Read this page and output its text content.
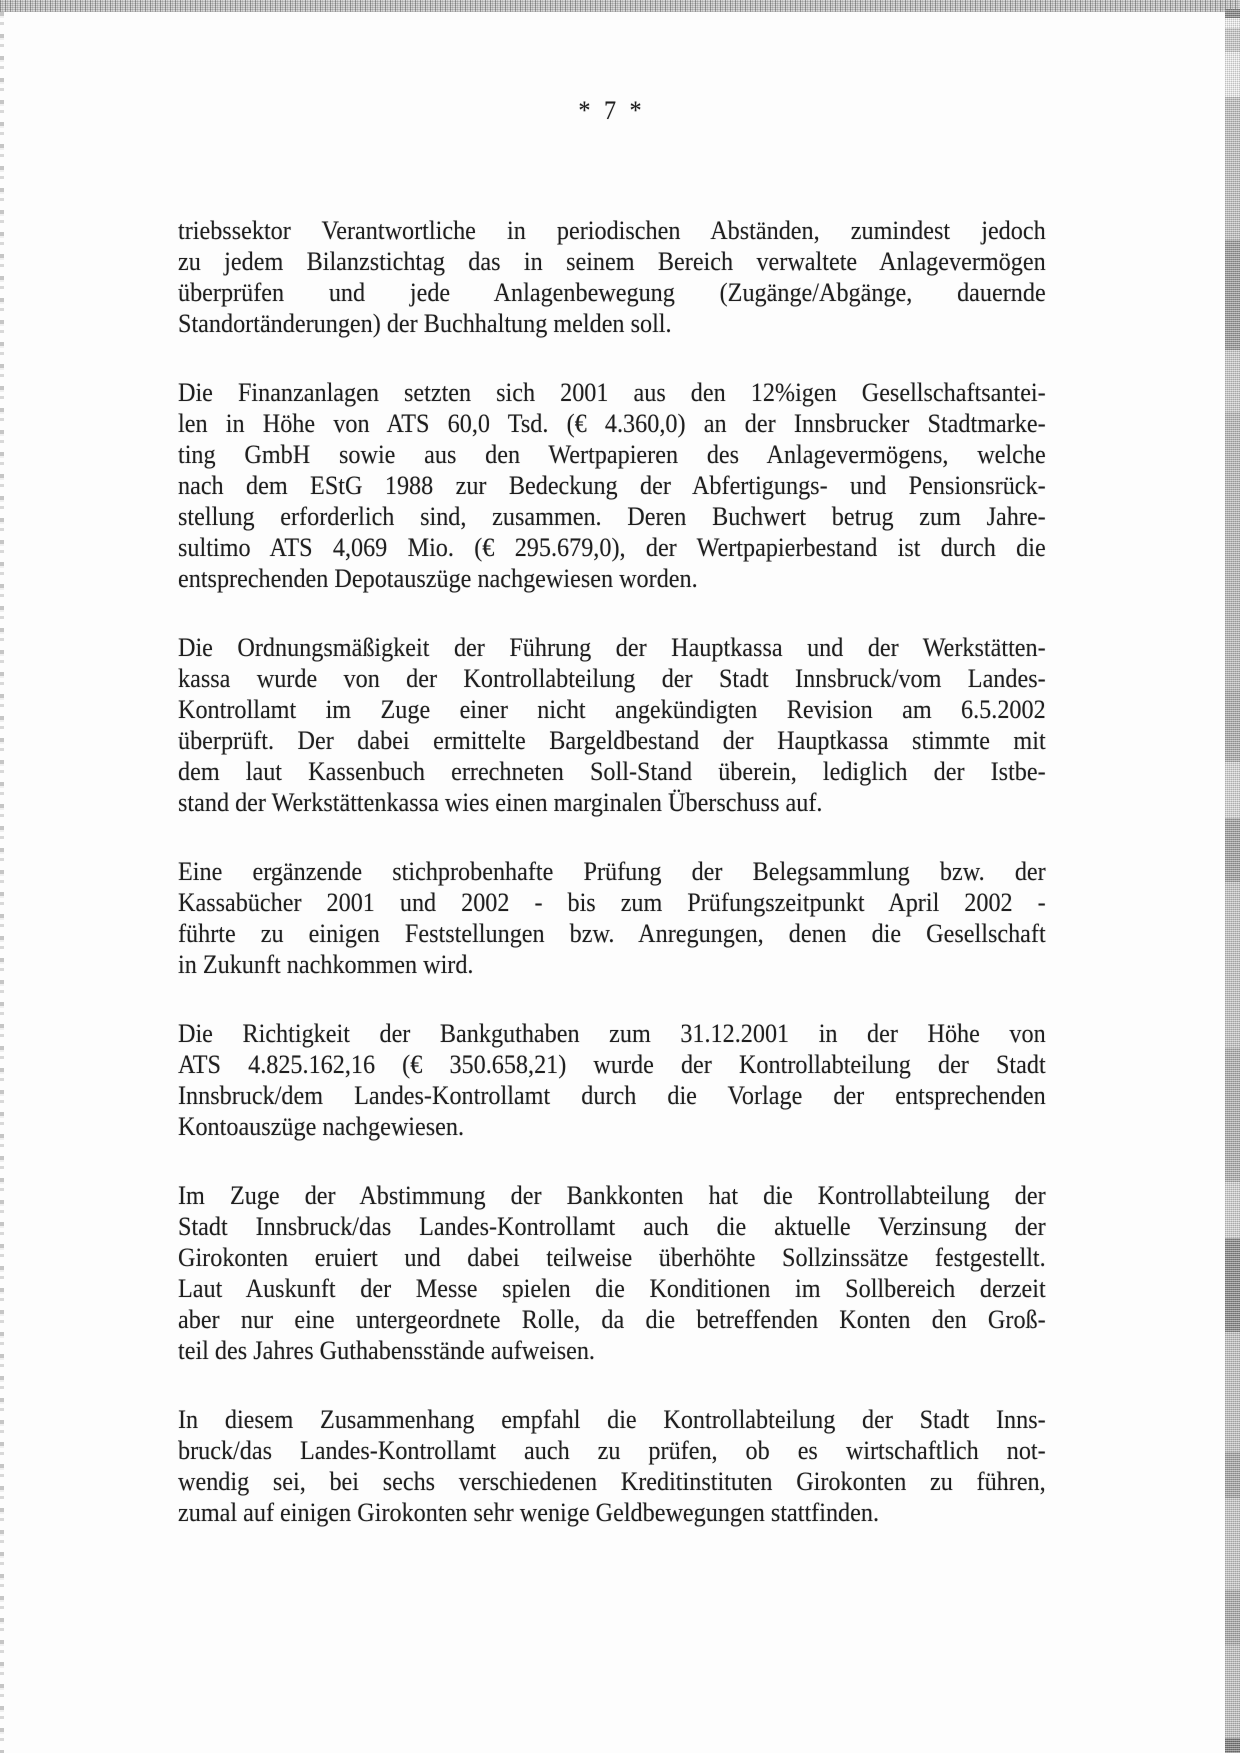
* 7 *
triebssektor Verantwortliche in periodischen Abständen, zumindest jedoch
zu jedem Bilanzstichtag das in seinem Bereich verwaltete Anlagevermögen
überprüfen und jede Anlagenbewegung (Zugänge/Abgänge, dauernde
Standortänderungen) der Buchhaltung melden soll.
Die Finanzanlagen setzten sich 2001 aus den 12%igen Gesellschaftsantei-
len in Höhe von ATS 60,0 Tsd. (€ 4.360,0) an der Innsbrucker Stadtmarke-
ting GmbH sowie aus den Wertpapieren des Anlagevermögens, welche
nach dem EStG 1988 zur Bedeckung der Abfertigungs- und Pensionsrück-
stellung erforderlich sind, zusammen. Deren Buchwert betrug zum Jahre-
sultimo ATS 4,069 Mio. (€ 295.679,0), der Wertpapierbestand ist durch die
entsprechenden Depotauszüge nachgewiesen worden.
Die Ordnungsmäßigkeit der Führung der Hauptkassa und der Werkstätten-
kassa wurde von der Kontrollabteilung der Stadt Innsbruck/vom Landes-
Kontrollamt im Zuge einer nicht angekündigten Revision am 6.5.2002
überprüft. Der dabei ermittelte Bargeldbestand der Hauptkassa stimmte mit
dem laut Kassenbuch errechneten Soll-Stand überein, lediglich der Istbe-
stand der Werkstättenkassa wies einen marginalen Überschuss auf.
Eine ergänzende stichprobenhafte Prüfung der Belegsammlung bzw. der
Kassabücher 2001 und 2002 - bis zum Prüfungszeitpunkt April 2002 -
führte zu einigen Feststellungen bzw. Anregungen, denen die Gesellschaft
in Zukunft nachkommen wird.
Die Richtigkeit der Bankguthaben zum 31.12.2001 in der Höhe von
ATS 4.825.162,16 (€ 350.658,21) wurde der Kontrollabteilung der Stadt
Innsbruck/dem Landes-Kontrollamt durch die Vorlage der entsprechenden
Kontoauszüge nachgewiesen.
Im Zuge der Abstimmung der Bankkonten hat die Kontrollabteilung der
Stadt Innsbruck/das Landes-Kontrollamt auch die aktuelle Verzinsung der
Girokonten eruiert und dabei teilweise überhöhte Sollzinssätze festgestellt.
Laut Auskunft der Messe spielen die Konditionen im Sollbereich derzeit
aber nur eine untergeordnete Rolle, da die betreffenden Konten den Groß-
teil des Jahres Guthabensstände aufweisen.
In diesem Zusammenhang empfahl die Kontrollabteilung der Stadt Inns-
bruck/das Landes-Kontrollamt auch zu prüfen, ob es wirtschaftlich not-
wendig sei, bei sechs verschiedenen Kreditinstituten Girokonten zu führen,
zumal auf einigen Girokonten sehr wenige Geldbewegungen stattfinden.
